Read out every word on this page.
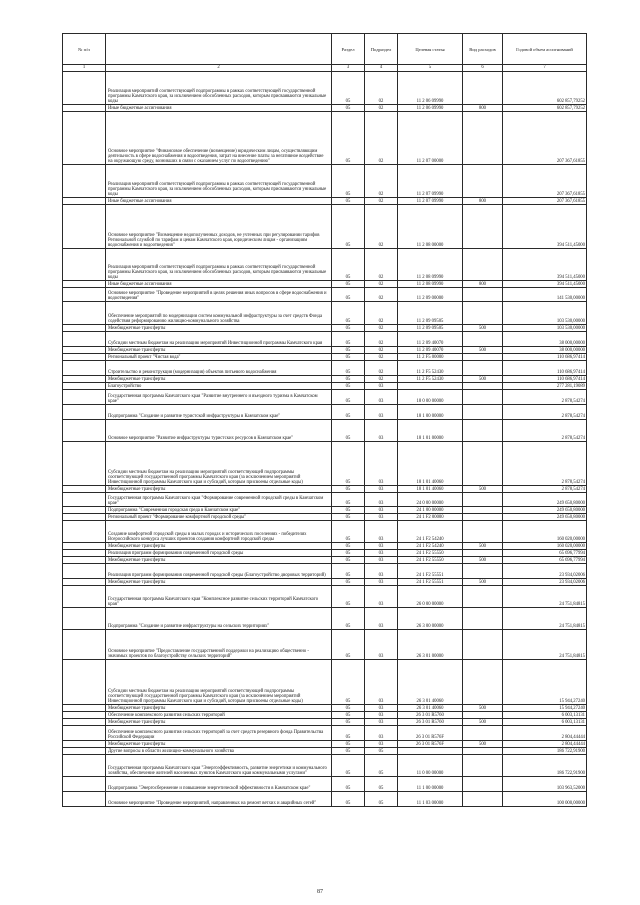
№ п/п		Раздел	Подраздел	Целевая статья	Вид расходов	Годовой объем ассигнований
1	2	3	4	5	6	7
	Реализация мероприятий соответствующей подпрограммы в рамках соответствующей государственной программы Камчатского края, за исключением обособленных расходов, которым присваиваются уникальные коды	05	02	11 2 06 09990		602 857,79252
	Иные бюджетные ассигнования	05	02	11 2 06 09990	800	602 857,79252
	Основное мероприятие "Финансовое обеспечение (возмещение) юридическим лицам, осуществляющим деятельность в сфере водоснабжения и водоотведения, затрат на внесение платы за негативное воздействие на окружающую среду, возникших в связи с оказанием услуг по водоотведению"	05	02	11 2 07 00000		207 367,61855
	Реализация мероприятий соответствующей подпрограммы в рамках соответствующей государственной программы Камчатского края, за исключением обособленных расходов, которым присваиваются уникальные коды	05	02	11 2 07 09990		207 367,61855
	Иные бюджетные ассигнования	05	02	11 2 07 09990	800	207 367,61855
	Основное мероприятие "Возмещение недополученных доходов, не учтенных при регулировании тарифов Региональной службой по тарифам и ценам Камчатского края, юридическим лицам - организациям водоснабжения и водоотведения"	05	02	11 2 08 00000		394 511,45000
	Реализация мероприятий соответствующей подпрограммы в рамках соответствующей государственной программы Камчатского края, за исключением обособленных расходов, которым присваиваются уникальные коды	05	02	11 2 08 09990		394 511,45000
	Иные бюджетные ассигнования	05	02	11 2 08 09990	800	394 511,45000
	Основное мероприятие "Проведение мероприятий в целях решения иных вопросов в сфере водоснабжения и водоотведения"	05	02	11 2 09 00000		141 530,00000
	Обеспечение мероприятий по модернизации систем коммунальной инфраструктуры за счет средств Фонда содействия реформированию жилищно-коммунального хозяйства	05	02	11 2 09 09505		103 530,00000
	Межбюджетные трансферты	05	02	11 2 09 09505	500	103 530,00000
	Субсидии местным бюджетам на реализацию мероприятий Инвестиционной программы Камчатского края	05	02	11 2 09 40070		38 000,00000
	Межбюджетные трансферты	05	02	11 2 09 40070	500	38 000,00000
	Региональный проект "Чистая вода"	05	02	11 2 F5 00000		110 686,97414
	Строительство и реконструкция (модернизация) объектов питьевого водоснабжения	05	02	11 2 F5 52430		110 686,97414
	Межбюджетные трансферты	05	02	11 2 F5 52430	500	110 686,97414
	Благоустройство	05	03			277 281,19089
	Государственная программа Камчатского края "Развитие внутреннего и въездного туризма в Камчатском крае"	05	03	18 0 00 00000		2 878,54274
	Подпрограмма "Создание и развитие туристской инфраструктуры в Камчатском крае"	05	03	18 1 00 00000		2 878,54274
	Основное мероприятие "Развитие инфраструктуры туристских ресурсов в Камчатском крае"	05	03	18 1 01 00000		2 878,54274
	Субсидии местным бюджетам на реализацию мероприятий соответствующей подпрограммы соответствующей государственной программы Камчатского края (за исключением мероприятий Инвестиционной программы Камчатского края и субсидий, которым присвоены отдельные коды)	05	03	18 1 01 40060		2 878,54274
	Межбюджетные трансферты	05	03	18 1 01 40060	500	2 878,54274
	Государственная программа Камчатского края "Формирование современной городской среды в Камчатском крае"	05	03	24 0 00 00000		249 650,80000
	Подпрограмма "Современная городская среда в Камчатском крае"	05	03	24 1 00 00000		249 650,80000
	Региональный проект "Формирование комфортной городской среды"	05	03	24 1 F2 00000		249 650,80000
	Создание комфортной городской среды в малых городах и исторических поселениях - победителях Всероссийского конкурса лучших проектов создания комфортной городской среды	05	03	24 1 F2 54240		160 020,00000
	Межбюджетные трансферты	05	03	24 1 F2 54240	500	160 020,00000
	Реализация программ формирования современной городской среды	05	03	24 1 F2 55550		65 696,77994
	Межбюджетные трансферты	05	03	24 1 F2 55550	500	65 696,77994
	Реализация программ формирования современной городской среды (Благоустройство дворовых территорий)	05	03	24 1 F2 55551		23 934,02006
	Межбюджетные трансферты	05	03	24 1 F2 55551	500	23 934,02006
	Государственная программа Камчатского края "Комплексное развитие сельских территорий Камчатского края"	05	03	26 0 00 00000		24 751,84815
	Подпрограмма "Создание и развитие инфраструктуры на сельских территориях"	05	03	26 3 00 00000		24 751,84815
	Основное мероприятие "Предоставление государственной поддержки на реализацию общественно - значимых проектов по благоустройству сельских территорий"	05	03	26 3 01 00000		24 751,84815
	Субсидии местным бюджетам на реализацию мероприятий соответствующей подпрограммы соответствующей государственной программы Камчатского края (за исключением мероприятий Инвестиционной программы Камчатского края и субсидий, которым присвоены отдельные коды)	05	03	26 3 01 40060		15 944,27240
	Межбюджетные трансферты	05	03	26 3 01 40060	500	15 944,27240
	Обеспечение комплексного развития сельских территорий	05	03	26 3 01 R5760		6 003,13131
	Межбюджетные трансферты	05	03	26 3 01 R5760	500	6 003,13131
	Обеспечение комплексного развития сельских территорий за счет средств резервного фонда Правительства Российской Федерации	05	03	26 3 01 R576F		2 804,44444
	Межбюджетные трансферты	05	03	26 3 01 R576F	500	2 804,44444
	Другие вопросы в области жилищно-коммунального хозяйства	05	05			186 722,91900
	Государственная программа Камчатского края "Энергоэффективность, развитие энергетики и коммунального хозяйства, обеспечение жителей населенных пунктов Камчатского края коммунальными услугами"	05	05	11 0 00 00000		186 722,91900
	Подпрограмма "Энергосбережение и повышение энергетической эффективности в Камчатском крае"	05	05	11 1 00 00000		103 963,52000
	Основное мероприятие "Проведение мероприятий, направленных на ремонт ветхих и аварийных сетей"	05	05	11 1 03 00000		100 000,00000
87
